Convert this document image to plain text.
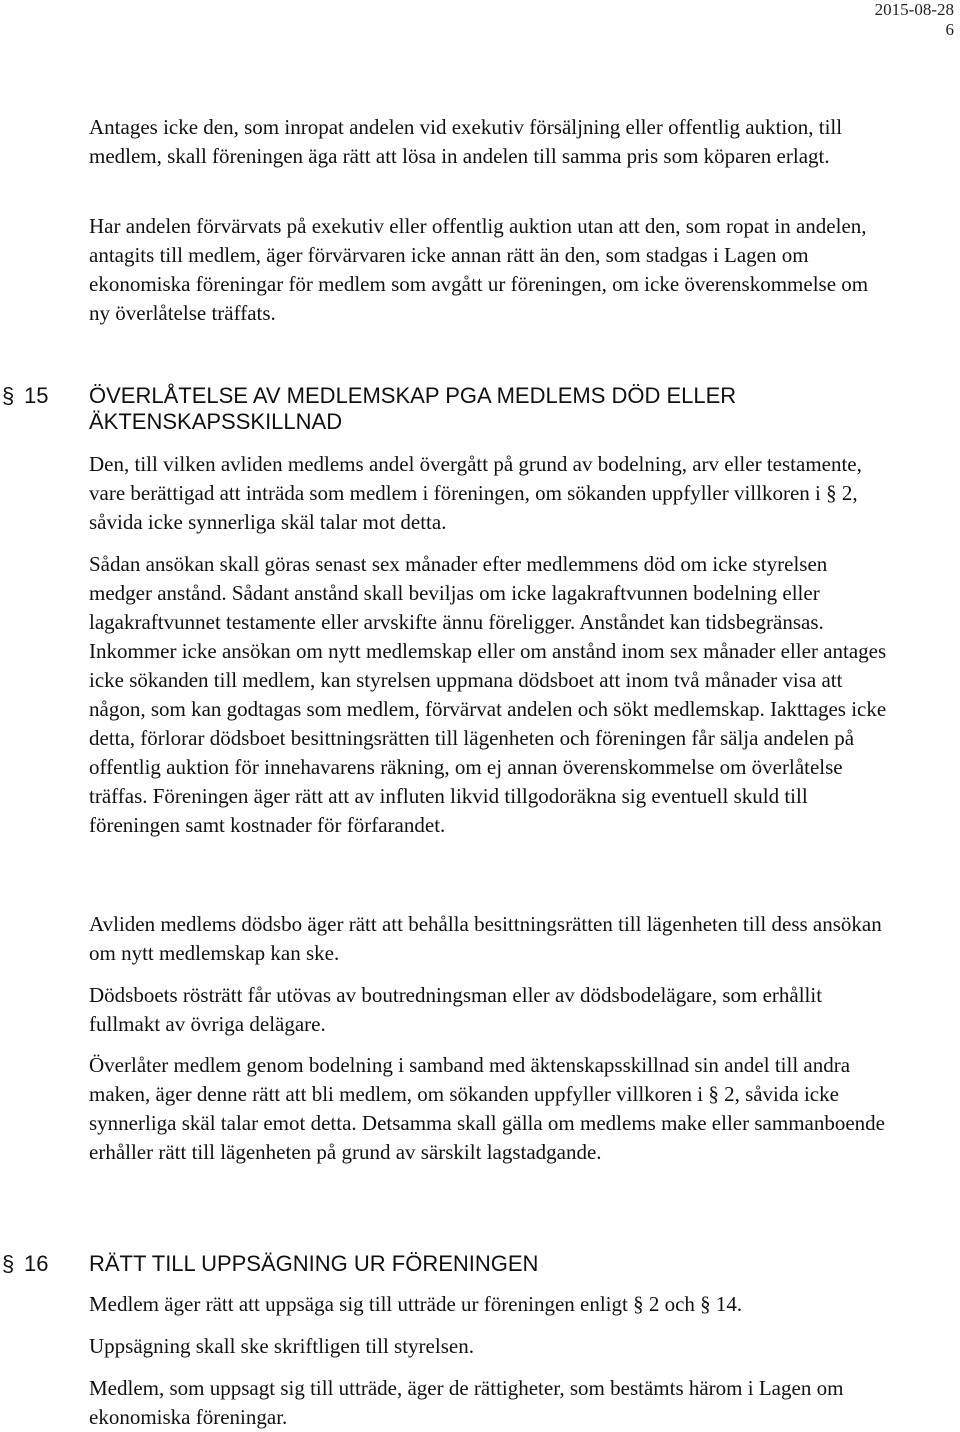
2015-08-28
6

Antages icke den, som inropat andelen vid exekutiv försäljning eller offentlig auktion, till medlem, skall föreningen äga rätt att lösa in andelen till samma pris som köparen erlagt.

Har andelen förvärvats på exekutiv eller offentlig auktion utan att den, som ropat in andelen, antagits till medlem, äger förvärvaren icke annan rätt än den, som stadgas i Lagen om ekonomiska föreningar för medlem som avgått ur föreningen, om icke överenskommelse om ny överlåtelse träffats.

§ 15 ÖVERLÅTELSE AV MEDLEMSKAP PGA MEDLEMS DÖD ELLER ÄKTENSKAPSSKILLNAD

Den, till vilken avliden medlems andel övergått på grund av bodelning, arv eller testamente, vare berättigad att inträda som medlem i föreningen, om sökanden uppfyller villkoren i § 2, såvida icke synnerliga skäl talar mot detta.

Sådan ansökan skall göras senast sex månader efter medlemmens död om icke styrelsen medger anstånd. Sådant anstånd skall beviljas om icke lagakraftvunnen bodelning eller lagakraftvunnet testamente eller arvskifte ännu föreligger. Anståndet kan tidsbegränsas. Inkommer icke ansökan om nytt medlemskap eller om anstånd inom sex månader eller antages icke sökanden till medlem, kan styrelsen uppmana dödsboet att inom två månader visa att någon, som kan godtagas som medlem, förvärvat andelen och sökt medlemskap. Iakttages icke detta, förlorar dödsboet besittningsrätten till lägenheten och föreningen får sälja andelen på offentlig auktion för innehavarens räkning, om ej annan överenskommelse om överlåtelse träffas. Föreningen äger rätt att av influten likvid tillgodoräkna sig eventuell skuld till föreningen samt kostnader för förfarandet.

Avliden medlems dödsbo äger rätt att behålla besittningsrätten till lägenheten till dess ansökan om nytt medlemskap kan ske.

Dödsboets rösträtt får utövas av boutredningsman eller av dödsbodelägare, som erhållit fullmakt av övriga delägare.

Överlåter medlem genom bodelning i samband med äktenskapsskillnad sin andel till andra maken, äger denne rätt att bli medlem, om sökanden uppfyller villkoren i § 2, såvida icke synnerliga skäl talar emot detta. Detsamma skall gälla om medlems make eller sammanboende erhåller rätt till lägenheten på grund av särskilt lagstadgande.

§ 16 RÄTT TILL UPPSÄGNING UR FÖRENINGEN

Medlem äger rätt att uppsäga sig till utträde ur föreningen enligt § 2 och § 14.

Uppsägning skall ske skriftligen till styrelsen.

Medlem, som uppsagt sig till utträde, äger de rättigheter, som bestämts härom i Lagen om ekonomiska föreningar.
